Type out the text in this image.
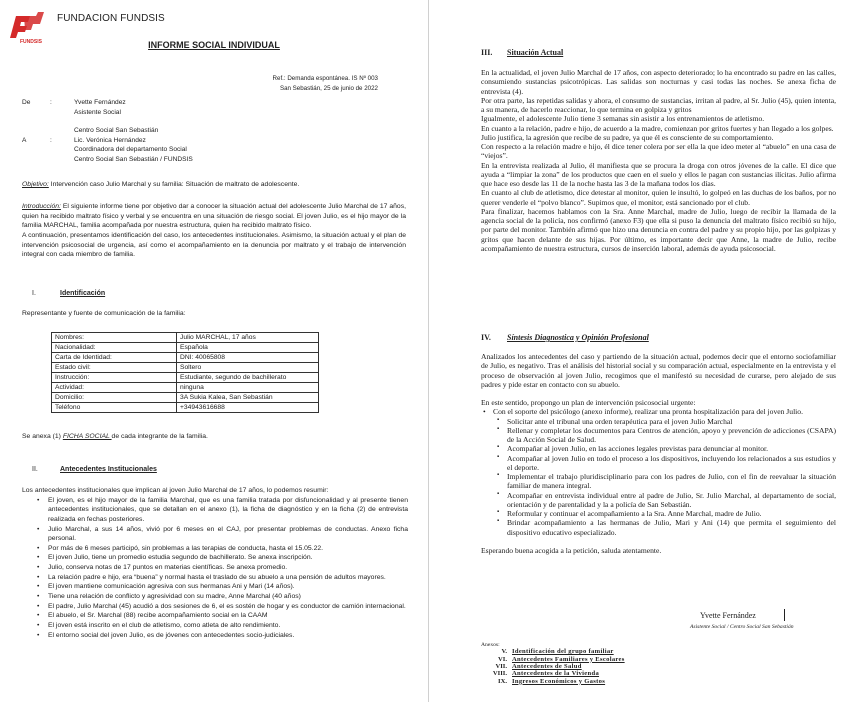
FUNDSIS
FUNDACION FUNDSIS
INFORME SOCIAL INDIVIDUAL
Ref.: Demanda espontánea. IS Nº 003
San Sebastián, 25 de junio de 2022
De	:	Yvette Fernández
Asistente Social
Centro Social San Sebastián
A	:	Lic. Verónica Hernández
Coordinadora del departamento Social
Centro Social San Sebastián / FUNDSIS
Objetivo: Intervención caso Julio Marchal y su familia: Situación de maltrato de adolescente.
Introducción: El siguiente informe tiene por objetivo dar a conocer la situación actual del adolescente Julio Marchal de 17 años, quien ha recibido maltrato físico y verbal y se encuentra en una situación de riesgo social. El joven Julio, es el hijo mayor de la familia MARCHAL, familia acompañada por nuestra estructura, quien ha recibido maltrato físico.
A continuación, presentamos identificación del caso, los antecedentes institucionales. Asimismo, la situación actual y el plan de intervención psicosocial de urgencia, así como el acompañamiento en la denuncia por maltrato y el trabajo de intervención integral con cada miembro de familia.
I.	Identificación
Representante y fuente de comunicación de la familia:
Nombres:	Julio MARCHAL, 17 años
Nacionalidad:	Española
Carta de Identidad:	DNI: 40065808
Estado civil:	Soltero
Instrucción:	Estudiante, segundo de bachillerato
Actividad:	ninguna
Domicilio:	3A Sukia Kalea, San Sebastián
Teléfono	+34943616688
Se anexa (1) FICHA SOCIAL de cada integrante de la familia.
II.	Antecedentes Institucionales
Los antecedentes institucionales que implican al joven Julio Marchal de 17 años, lo podemos resumir:
• El joven, es el hijo mayor de la familia Marchal, que es una familia tratada por disfuncionalidad y al presente tienen antecedentes institucionales, que se detallan en el anexo (1), la ficha de diagnóstico y en la ficha (2) de entrevista realizada en fechas posteriores.
• Julio Marchal, a sus 14 años, vivió por 6 meses en el CAJ, por presentar problemas de conductas. Anexo ficha personal.
• Por más de 6 meses participó, sin problemas a las terapias de conducta, hasta el 15.05.22.
• El joven Julio, tiene un promedio estudia segundo de bachillerato. Se anexa inscripción.
• Julio, conserva notas de 17 puntos en materias científicas. Se anexa promedio.
• La relación padre e hijo, era “buena” y normal hasta el traslado de su abuelo a una pensión de adultos mayores.
• El joven mantiene comunicación agresiva con sus hermanas Ani y Mari (14 años).
• Tiene una relación de conflicto y agresividad con su madre, Anne Marchal (40 años)
• El padre, Julio Marchal (45) acudió a dos sesiones de 6, el es sostén de hogar y es conductor de camión internacional.
• El abuelo, el Sr. Marchal (88) recibe acompañamiento social en la CAAM
• El joven está inscrito en el club de atletismo, como atleta de alto rendimiento.
• El entorno social del joven Julio, es de jóvenes con antecedentes socio-judiciales.
III. Situación Actual
En la actualidad, el joven Julio Marchal de 17 años, con aspecto deteriorado; lo ha encontrado su padre en las calles, consumiendo sustancias psicotrópicas. Las salidas son nocturnas y casi todas las noches. Se anexa ficha de entrevista (4).
Por otra parte, las repetidas salidas y ahora, el consumo de sustancias, irritan al padre, al Sr. Julio (45), quien intenta, a su manera, de hacerlo reaccionar, lo que termina en golpiza y gritos
Igualmente, el adolescente Julio tiene 3 semanas sin asistir a los entrenamientos de atletismo.
En cuanto a la relación, padre e hijo, de acuerdo a la madre, comienzan por gritos fuertes y han llegado a los golpes.
Julio justifica, la agresión que recibe de su padre, ya que él es consciente de su comportamiento.
Con respecto a la relación madre e hijo, él dice tener colera por ser ella la que ideo meter al “abuelo” en una casa de “viejos”.
En la entrevista realizada al Julio, él manifiesta que se procura la droga con otros jóvenes de la calle. El dice que ayuda a “limpiar la zona” de los productos que caen en el suelo y ellos le pagan con sustancias ilícitas. Julio afirma que hace eso desde las 11 de la noche hasta las 3 de la mañana todos los días.
En cuanto al club de atletismo, dice detestar al monitor, quien le insultó, lo golpeó en las duchas de los baños, por no querer venderle el “polvo blanco”. Supimos que, el monitor, está sancionado por el club.
Para finalizar, hacemos hablamos con la Sra. Anne Marchal, madre de Julio, luego de recibir la llamada de la agencia social de la policía, nos confirmó (anexo F3) que ella si puso la denuncia del maltrato físico recibió su hijo, por parte del monitor. También afirmó que hizo una denuncia en contra del padre y su propio hijo, por las golpizas y gritos que hacen delante de sus hijas. Por último, es importante decir que Anne, la madre de Julio, recibe acompañamiento de nuestra estructura, cursos de inserción laboral, además de ayuda psicosocial.
IV. Síntesis Diagnostica y Opinión Profesional
Analizados los antecedentes del caso y partiendo de la situación actual, podemos decir que el entorno sociofamiliar de Julio, es negativo. Tras el análisis del historial social y su comparación actual, especialmente en la entrevista y el proceso de observación al joven Julio, recogimos que el manifestó su necesidad de curarse, pero alejado de sus padres y pide estar en contacto con su abuelo.
En este sentido, propongo un plan de intervención psicosocial urgente:
• Con el soporte del psicólogo (anexo informe), realizar una pronta hospitalización para del joven Julio.
▪ Solicitar ante el tribunal una orden terapéutica para el joven Julio Marchal
▪ Rellenar y completar los documentos para Centros de atención, apoyo y prevención de adicciones (CSAPA) de la Acción Social de Salud.
▪ Acompañar al joven Julio, en las acciones legales previstas para denunciar al monitor.
▪ Acompañar al joven Julio en todo el proceso a los dispositivos, incluyendo los relacionados a sus estudios y el deporte.
▪ Implementar el trabajo pluridisciplinario para con los padres de Julio, con el fin de reevaluar la situación familiar de manera integral.
▪ Acompañar en entrevista individual entre al padre de Julio, Sr. Julio Marchal, al departamento de social, orientación y de parentalidad y la a policía de San Sebastián.
▪ Reformular y continuar el acompañamiento a la Sra. Anne Marchal, madre de Julio.
▪ Brindar acompañamiento a las hermanas de Julio, Mari y Ani (14) que permita el seguimiento del dispositivo educativo especializado.
Esperando buena acogida a la petición, saluda atentamente.
Yvette Fernández
Asistente Social / Centro Social San Sebastián
Anexos:
V. Identificación del grupo familiar
VI. Antecedentes Familiares y Escolares
VII. Antecedentes de Salud
VIII. Antecedentes de la Vivienda
IX. Ingresos Económicos y Gastos
